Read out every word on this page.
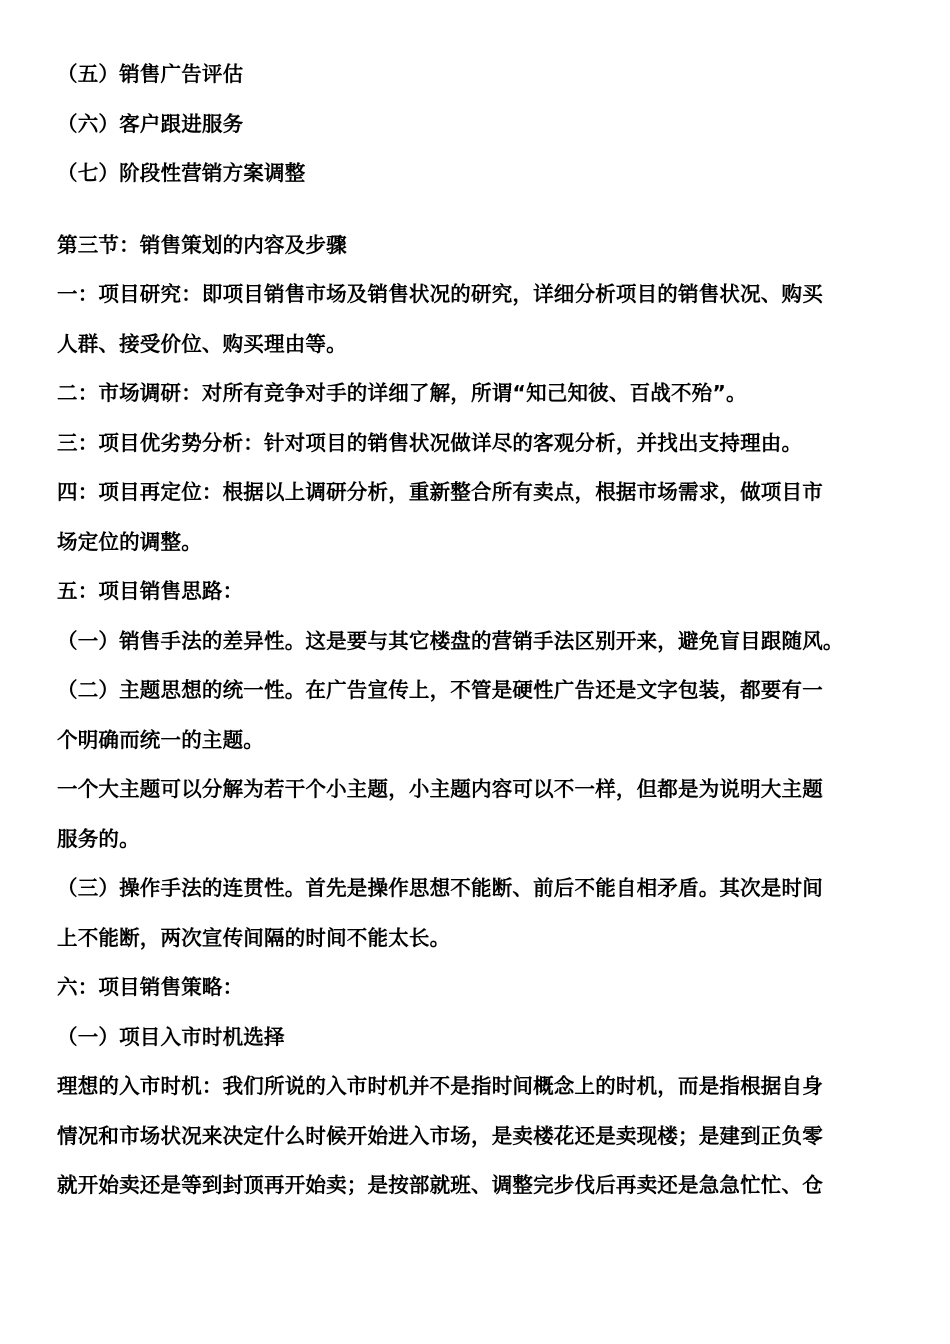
（五）销售广告评估
（六）客户跟进服务
（七）阶段性营销方案调整
第三节：销售策划的内容及步骤
一：项目研究：即项目销售市场及销售状况的研究，详细分析项目的销售状况、购买
人群、接受价位、购买理由等。
二：市场调研：对所有竞争对手的详细了解，所谓“知己知彼、百战不殆”。
三：项目优劣势分析：针对项目的销售状况做详尽的客观分析，并找出支持理由。
四：项目再定位：根据以上调研分析，重新整合所有卖点，根据市场需求，做项目市
场定位的调整。
五：项目销售思路：
（一）销售手法的差异性。这是要与其它楼盘的营销手法区别开来，避免盲目跟随风。
（二）主题思想的统一性。在广告宣传上，不管是硬性广告还是文字包装，都要有一
个明确而统一的主题。
一个大主题可以分解为若干个小主题，小主题内容可以不一样，但都是为说明大主题
服务的。
（三）操作手法的连贯性。首先是操作思想不能断、前后不能自相矛盾。其次是时间
上不能断，两次宣传间隔的时间不能太长。
六：项目销售策略：
（一）项目入市时机选择
理想的入市时机：我们所说的入市时机并不是指时间概念上的时机，而是指根据自身
情况和市场状况来决定什么时候开始进入市场，是卖楼花还是卖现楼；是建到正负零
就开始卖还是等到封顶再开始卖；是按部就班、调整完步伐后再卖还是急急忙忙、仓
